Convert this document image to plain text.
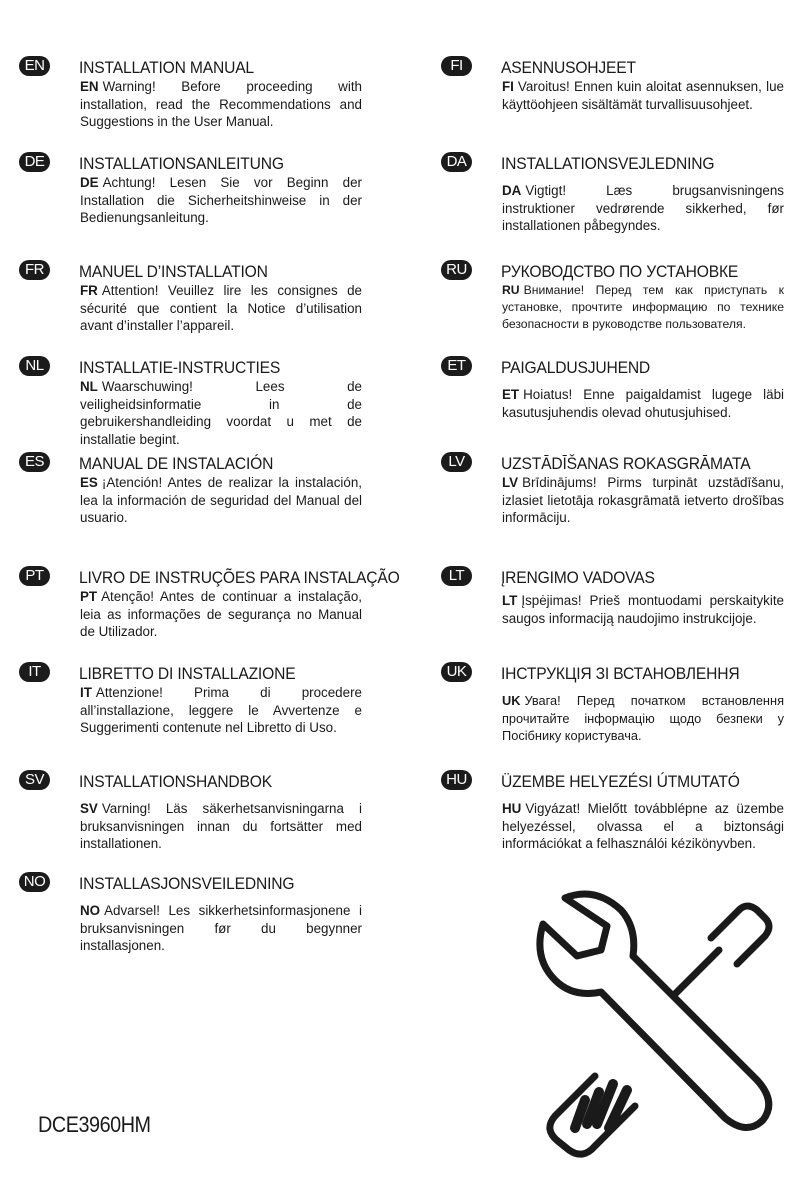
EN	INSTALLATION MANUAL
EN Warning! Before proceeding with installation, read the Recommendations and Suggestions in the User Manual.
DE	INSTALLATIONSANLEITUNG
DE Achtung! Lesen Sie vor Beginn der Installation die Sicherheitshinweise in der Bedienungsanleitung.
FR	MANUEL D’INSTALLATION
FR Attention! Veuillez lire les consignes de sécurité que contient la Notice d’utilisation avant d’installer l’appareil.
NL	INSTALLATIE-INSTRUCTIES
NL Waarschuwing! Lees de veiligheidsinformatie in de gebruikershandleiding voordat u met de installatie begint.
ES	MANUAL DE INSTALACIÓN
ES ¡Atención! Antes de realizar la instalación, lea la información de seguridad del Manual del usuario.
PT	LIVRO DE INSTRUÇÕES PARA INSTALAÇÃO
PT Atenção! Antes de continuar a instalação, leia as informações de segurança no Manual de Utilizador.
IT	LIBRETTO DI INSTALLAZIONE
IT Attenzione! Prima di procedere all’installazione, leggere le Avvertenze e Suggerimenti contenute nel Libretto di Uso.
SV	INSTALLATIONSHANDBOK
SV Varning! Läs säkerhetsanvisningarna i bruksanvisningen innan du fortsätter med installationen.
NO INSTALLASJONSVEILEDNING
NO Advarsel! Les sikkerhetsinformasjonene i bruksanvisningen før du begynner installasjonen.
FI	ASENNUSOHJEET
FI Varoitus! Ennen kuin aloitat asennuksen, lue käyttöohjeen sisältämät turvallisuusohjeet.
DA	INSTALLATIONSVEJLEDNING
DA Vigtigt! Læs brugsanvisningens instruktioner vedrørende sikkerhed, før installationen påbegyndes.
RU	РУКОВОДСТВО ПО УСТАНОВКЕ
RU Внимание! Перед тем как приступать к установке, прочтите информацию по технике безопасности в руководстве пользователя.
ET	PAIGALDUSJUHEND
ET Hoiatus! Enne paigaldamist lugege läbi kasutusjuhendis olevad ohutusjuhised.
LV	UZSTĀDĪŠANAS ROKASGRĀMATA
LV Brīdinājums! Pirms turpināt uzstādīšanu, izlasiet lietotāja rokasgrāmatā ietverto drošības informāciju.
LT	ĮRENGIMO VADOVAS
LT Įspėjimas! Prieš montuodami perskaitykite saugos informaciją naudojimo instrukcijoje.
UK	ІНСТРУКЦІЯ ЗІ ВСТАНОВЛЕННЯ
UK Увага! Перед початком встановлення прочитайте інформацію щодо безпеки у Посібнику користувача.
HU	ÜZEMBE HELYEZÉSI ÚTMUTATÓ
HU Vigyázat! Mielőtt továbblépne az üzembe helyezéssel, olvassa el a biztonsági információkat a felhasználói kézikönyvben.
DCE3960HM
